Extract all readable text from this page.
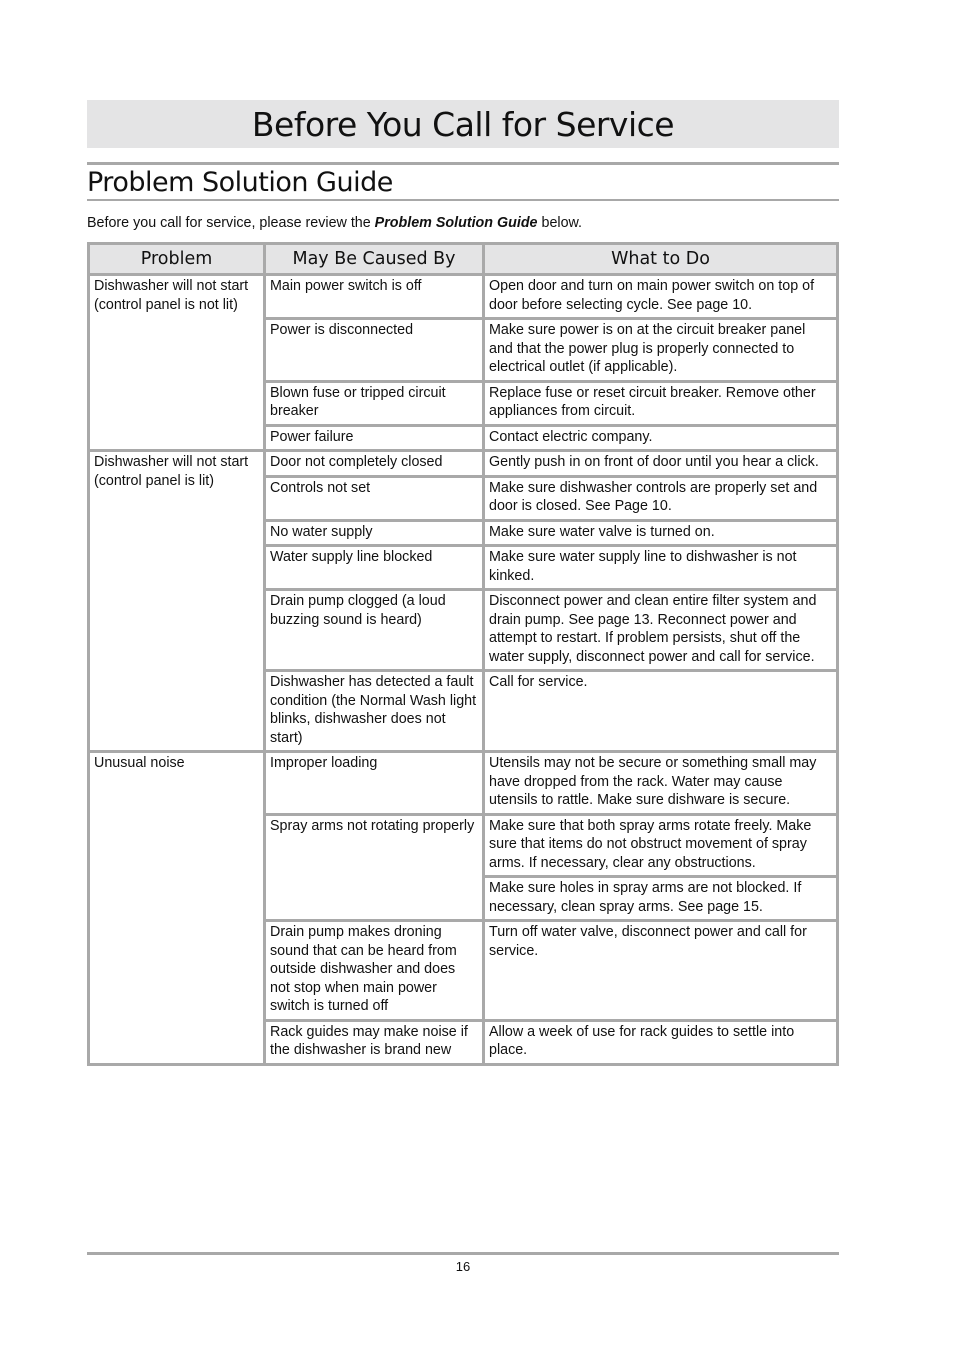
Before You Call for Service
Problem Solution Guide

Before you call for service, please review the Problem Solution Guide below.

Problem	May Be Caused By	What to Do
Dishwasher will not start (control panel is not lit)	Main power switch is off	Open door and turn on main power switch on top of door before selecting cycle. See page 10.
	Power is disconnected	Make sure power is on at the circuit breaker panel and that the power plug is properly connected to electrical outlet (if applicable).
	Blown fuse or tripped circuit breaker	Replace fuse or reset circuit breaker. Remove other appliances from circuit.
	Power failure	Contact electric company.
Dishwasher will not start (control panel is lit)	Door not completely closed	Gently push in on front of door until you hear a click.
	Controls not set	Make sure dishwasher controls are properly set and door is closed. See Page 10.
	No water supply	Make sure water valve is turned on.
	Water supply line blocked	Make sure water supply line to dishwasher is not kinked.
	Drain pump clogged (a loud buzzing sound is heard)	Disconnect power and clean entire filter system and drain pump. See page 13. Reconnect power and attempt to restart. If problem persists, shut off the water supply, disconnect power and call for service.
	Dishwasher has detected a fault condition (the Normal Wash light blinks, dishwasher does not start)	Call for service.
Unusual noise	Improper loading	Utensils may not be secure or something small may have dropped from the rack. Water may cause utensils to rattle. Make sure dishware is secure.
	Spray arms not rotating properly	Make sure that both spray arms rotate freely. Make sure that items do not obstruct movement of spray arms. If necessary, clear any obstructions.
		Make sure holes in spray arms are not blocked. If necessary, clean spray arms. See page 15.
	Drain pump makes droning sound that can be heard from outside dishwasher and does not stop when main power switch is turned off	Turn off water valve, disconnect power and call for service.
	Rack guides may make noise if the dishwasher is brand new	Allow a week of use for rack guides to settle into place.
16
